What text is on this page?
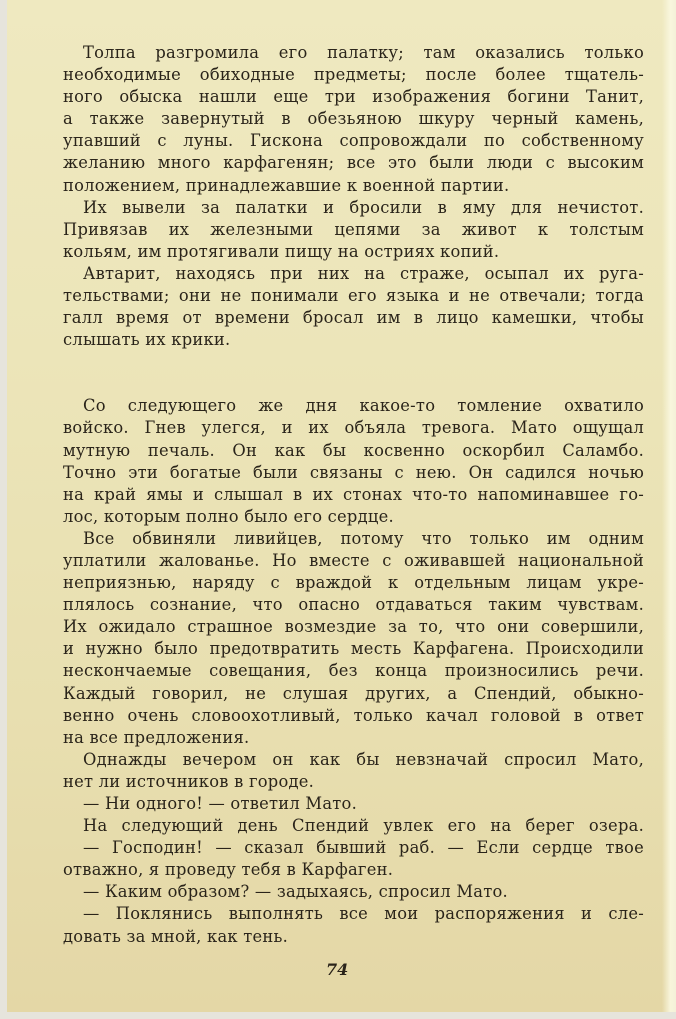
Толпа разгромила его палатку; там оказались только
необходимые обиходные предметы; после более тщатель-
ного обыска нашли еще три изображения богини Танит,
а также завернутый в обезьяною шкуру черный камень,
упавший с луны. Гискона сопровождали по собственному
желанию много карфагенян; все это были люди с высоким
положением, принадлежавшие к военной партии.

Их вывели за палатки и бросили в яму для нечистот.
Привязав их железными цепями за живот к толстым
кольям, им протягивали пищу на остриях копий.

Автарит, находясь при них на страже, осыпал их руга-
тельствами; они не понимали его языка и не отвечали; тогда
галл время от времени бросал им в лицо камешки, чтобы
слышать их крики.

Со следующего же дня какое-то томление охватило
войско. Гнев улегся, и их объяла тревога. Мато ощущал
мутную печаль. Он как бы косвенно оскорбил Саламбо.
Точно эти богатые были связаны с нею. Он садился ночью
на край ямы и слышал в их стонах что-то напоминавшее го-
лос, которым полно было его сердце.

Все обвиняли ливийцев, потому что только им одним
уплатили жалованье. Но вместе с оживавшей национальной
неприязнью, наряду с враждой к отдельным лицам укре-
плялось сознание, что опасно отдаваться таким чувствам.
Их ожидало страшное возмездие за то, что они совершили,
и нужно было предотвратить месть Карфагена. Происходили
нескончаемые совещания, без конца произносились речи.
Каждый говорил, не слушая других, а Спендий, обыкно-
венно очень словоохотливый, только качал головой в ответ
на все предложения.

Однажды вечером он как бы невзначай спросил Мато,
нет ли источников в городе.

— Ни одного! — ответил Мато.

На следующий день Спендий увлек его на берег озера.

— Господин! — сказал бывший раб. — Если сердце твое
отважно, я проведу тебя в Карфаген.

— Каким образом? — задыхаясь, спросил Мато.

— Поклянись выполнять все мои распоряжения и сле-
довать за мной, как тень.

74
